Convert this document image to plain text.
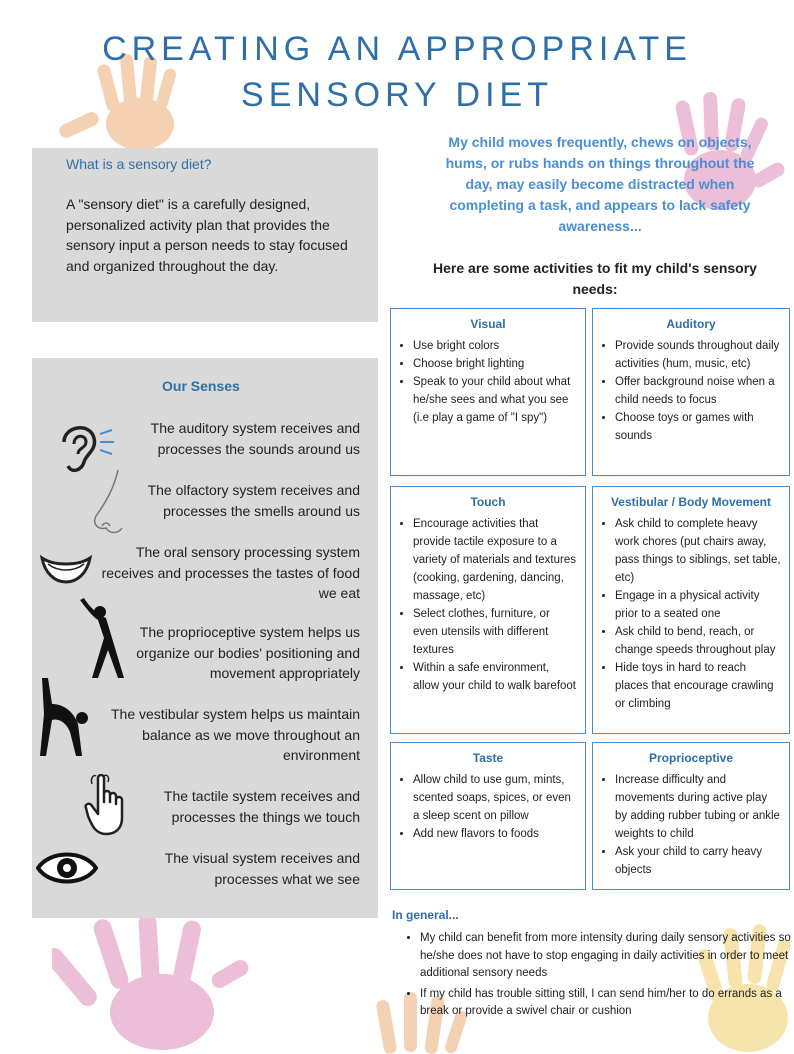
CREATING AN APPROPRIATE
SENSORY DIET
What is a sensory diet?

A "sensory diet" is a carefully designed, personalized activity plan that provides the sensory input a person needs to stay focused and organized throughout the day.

Our Senses
The auditory system receives and processes the sounds around us
The olfactory system receives and processes the smells around us
The oral sensory processing system receives and processes the tastes of food we eat
The proprioceptive system helps us organize our bodies' positioning and movement appropriately
The vestibular system helps us maintain balance as we move throughout an environment
The tactile system receives and processes the things we touch
The visual system receives and processes what we see
My child moves frequently, chews on objects, hums, or rubs hands on things throughout the day, may easily become distracted when completing a task, and appears to lack safety awareness...
Here are some activities to fit my child's sensory needs:
Visual
• Use bright colors
• Choose bright lighting
• Speak to your child about what he/she sees and what you see (i.e play a game of "I spy")
Auditory
• Provide sounds throughout daily activities (hum, music, etc)
• Offer background noise when a child needs to focus
• Choose toys or games with sounds
Touch
• Encourage activities that provide tactile exposure to a variety of materials and textures (cooking, gardening, dancing, massage, etc)
• Select clothes, furniture, or even utensils with different textures
• Within a safe environment, allow your child to walk barefoot
Vestibular / Body Movement
• Ask child to complete heavy work chores (put chairs away, pass things to siblings, set table, etc)
• Engage in a physical activity prior to a seated one
• Ask child to bend, reach, or change speeds throughout play
• Hide toys in hard to reach places that encourage crawling or climbing
Taste
• Allow child to use gum, mints, scented soaps, spices, or even a sleep scent on pillow
• Add new flavors to foods
Proprioceptive
• Increase difficulty and movements during active play by adding rubber tubing or ankle weights to child
• Ask your child to carry heavy objects
In general...
• My child can benefit from more intensity during daily sensory activities so he/she does not have to stop engaging in daily activities in order to meet additional sensory needs
• If my child has trouble sitting still, I can send him/her to do errands as a break or provide a swivel chair or cushion
